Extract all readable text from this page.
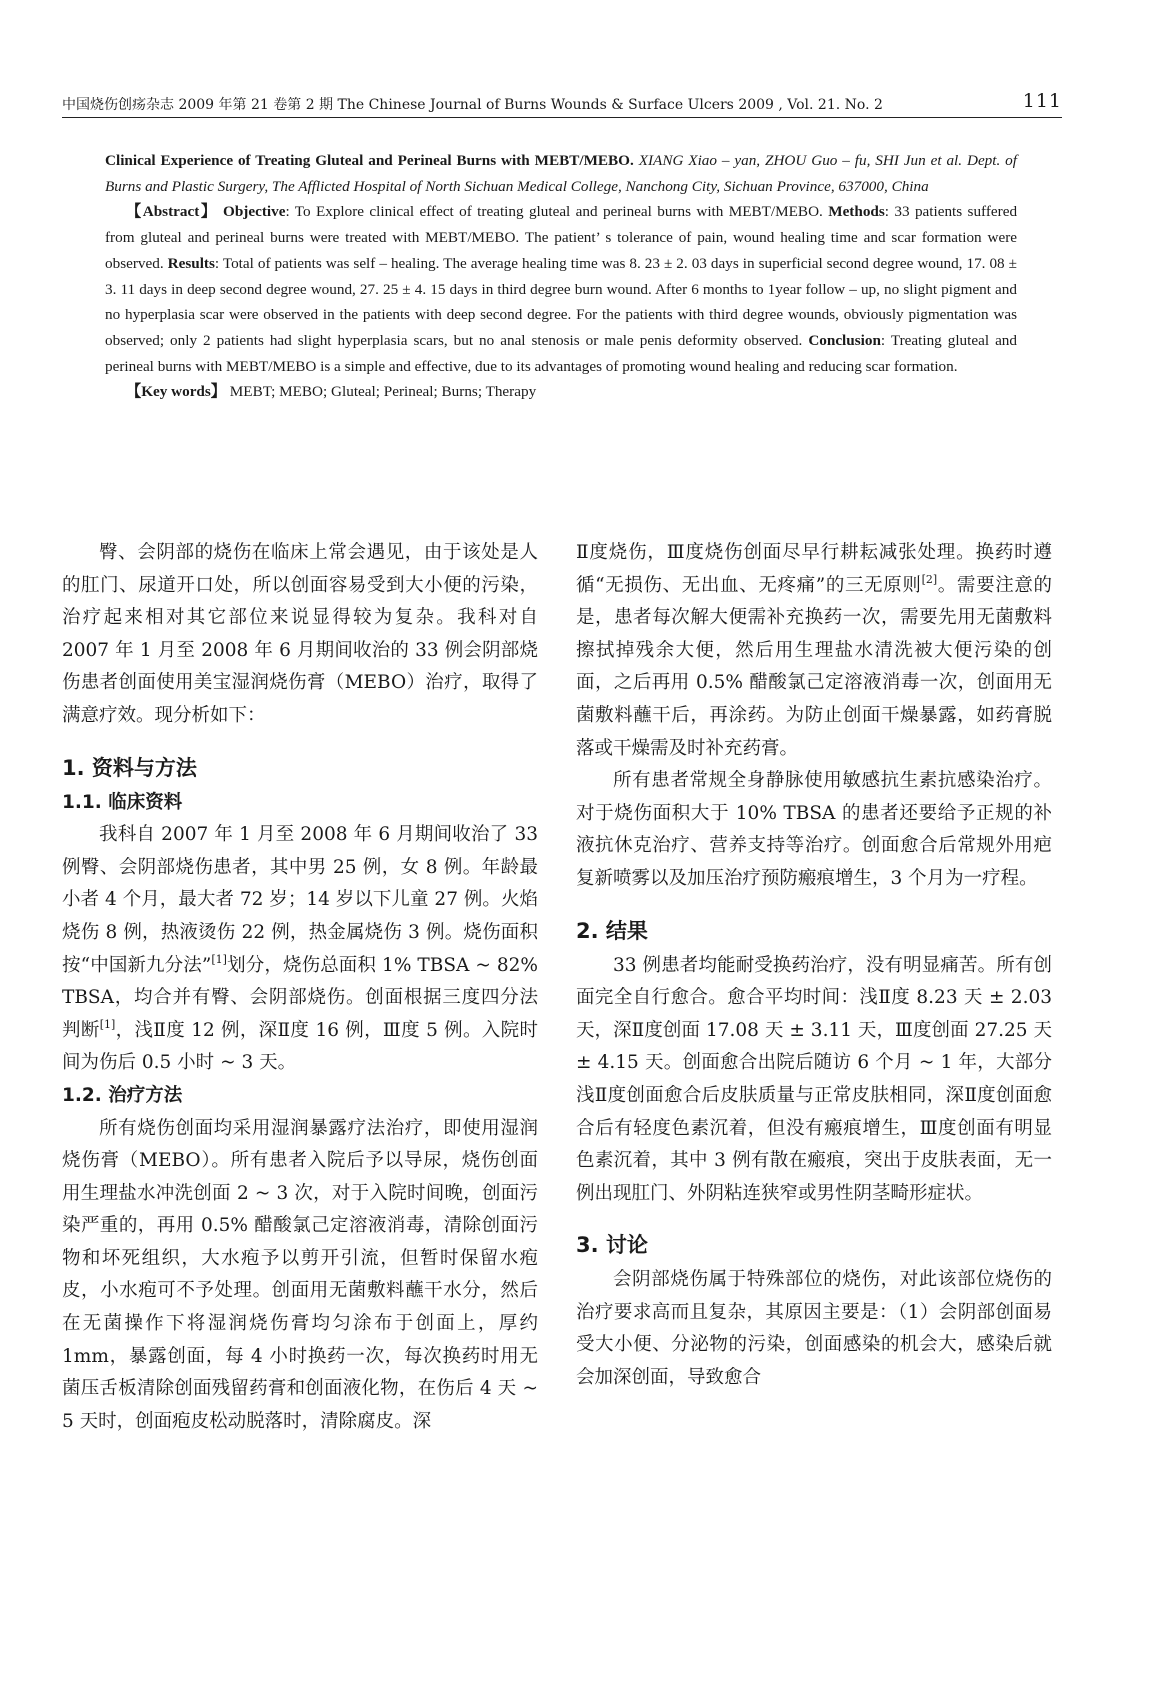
中国烧伤创疡杂志 2009 年第 21 卷第 2 期 The Chinese Journal of Burns Wounds & Surface Ulcers 2009 , Vol. 21. No. 2	111

Clinical Experience of Treating Gluteal and Perineal Burns with MEBT/MEBO. XIANG Xiao – yan, ZHOU Guo – fu, SHI Jun et al. Dept. of Burns and Plastic Surgery, The Afflicted Hospital of North Sichuan Medical College, Nanchong City, Sichuan Province, 637000, China

【Abstract】 Objective: To Explore clinical effect of treating gluteal and perineal burns with MEBT/MEBO. Methods: 33 patients suffered from gluteal and perineal burns were treated with MEBT/MEBO. The patient’ s tolerance of pain, wound healing time and scar formation were observed. Results: Total of patients was self – healing. The average healing time was 8. 23 ± 2. 03 days in superficial second degree wound, 17. 08 ± 3. 11 days in deep second degree wound, 27. 25 ± 4. 15 days in third degree burn wound. After 6 months to 1year follow – up, no slight pigment and no hyperplasia scar were observed in the patients with deep second degree. For the patients with third degree wounds, obviously pigmentation was observed; only 2 patients had slight hyperplasia scars, but no anal stenosis or male penis deformity observed. Conclusion: Treating gluteal and perineal burns with MEBT/MEBO is a simple and effective, due to its advantages of promoting wound healing and reducing scar formation.

【Key words】 MEBT; MEBO; Gluteal; Perineal; Burns; Therapy

臀、会阴部的烧伤在临床上常会遇见，由于该处是人的肛门、尿道开口处，所以创面容易受到大小便的污染，治疗起来相对其它部位来说显得较为复杂。我科对自 2007 年 1 月至 2008 年 6 月期间收治的 33 例会阴部烧伤患者创面使用美宝湿润烧伤膏（MEBO）治疗，取得了满意疗效。现分析如下：

1. 资料与方法
1.1. 临床资料

我科自 2007 年 1 月至 2008 年 6 月期间收治了 33 例臀、会阴部烧伤患者，其中男 25 例，女 8 例。年龄最小者 4 个月，最大者 72 岁；14 岁以下儿童 27 例。火焰烧伤 8 例，热液烫伤 22 例，热金属烧伤 3 例。烧伤面积按“中国新九分法”[1]划分，烧伤总面积 1% TBSA ~ 82% TBSA，均合并有臀、会阴部烧伤。创面根据三度四分法判断[1]，浅Ⅱ度 12 例，深Ⅱ度 16 例，Ⅲ度 5 例。入院时间为伤后 0.5 小时 ~ 3 天。

1.2. 治疗方法

所有烧伤创面均采用湿润暴露疗法治疗，即使用湿润烧伤膏（MEBO）。所有患者入院后予以导尿，烧伤创面用生理盐水冲洗创面 2 ~ 3 次，对于入院时间晚，创面污染严重的，再用 0.5% 醋酸氯己定溶液消毒，清除创面污物和坏死组织，大水疱予以剪开引流，但暂时保留水疱皮，小水疱可不予处理。创面用无菌敷料蘸干水分，然后在无菌操作下将湿润烧伤膏均匀涂布于创面上，厚约 1mm，暴露创面，每 4 小时换药一次，每次换药时用无菌压舌板清除创面残留药膏和创面液化物，在伤后 4 天 ~ 5 天时，创面疱皮松动脱落时，清除腐皮。深

Ⅱ度烧伤，Ⅲ度烧伤创面尽早行耕耘减张处理。换药时遵循“无损伤、无出血、无疼痛”的三无原则[2]。需要注意的是，患者每次解大便需补充换药一次，需要先用无菌敷料擦拭掉残余大便，然后用生理盐水清洗被大便污染的创面，之后再用 0.5% 醋酸氯己定溶液消毒一次，创面用无菌敷料蘸干后，再涂药。为防止创面干燥暴露，如药膏脱落或干燥需及时补充药膏。

所有患者常规全身静脉使用敏感抗生素抗感染治疗。对于烧伤面积大于 10% TBSA 的患者还要给予正规的补液抗休克治疗、营养支持等治疗。创面愈合后常规外用疤复新喷雾以及加压治疗预防瘢痕增生，3 个月为一疗程。

2. 结果

33 例患者均能耐受换药治疗，没有明显痛苦。所有创面完全自行愈合。愈合平均时间：浅Ⅱ度 8.23 天 ± 2.03 天，深Ⅱ度创面 17.08 天 ± 3.11 天，Ⅲ度创面 27.25 天 ± 4.15 天。创面愈合出院后随访 6 个月 ~ 1 年，大部分浅Ⅱ度创面愈合后皮肤质量与正常皮肤相同，深Ⅱ度创面愈合后有轻度色素沉着，但没有瘢痕增生，Ⅲ度创面有明显色素沉着，其中 3 例有散在瘢痕，突出于皮肤表面，无一例出现肛门、外阴粘连狭窄或男性阴茎畸形症状。

3. 讨论

会阴部烧伤属于特殊部位的烧伤，对此该部位烧伤的治疗要求高而且复杂，其原因主要是：（1）会阴部创面易受大小便、分泌物的污染，创面感染的机会大，感染后就会加深创面，导致愈合
